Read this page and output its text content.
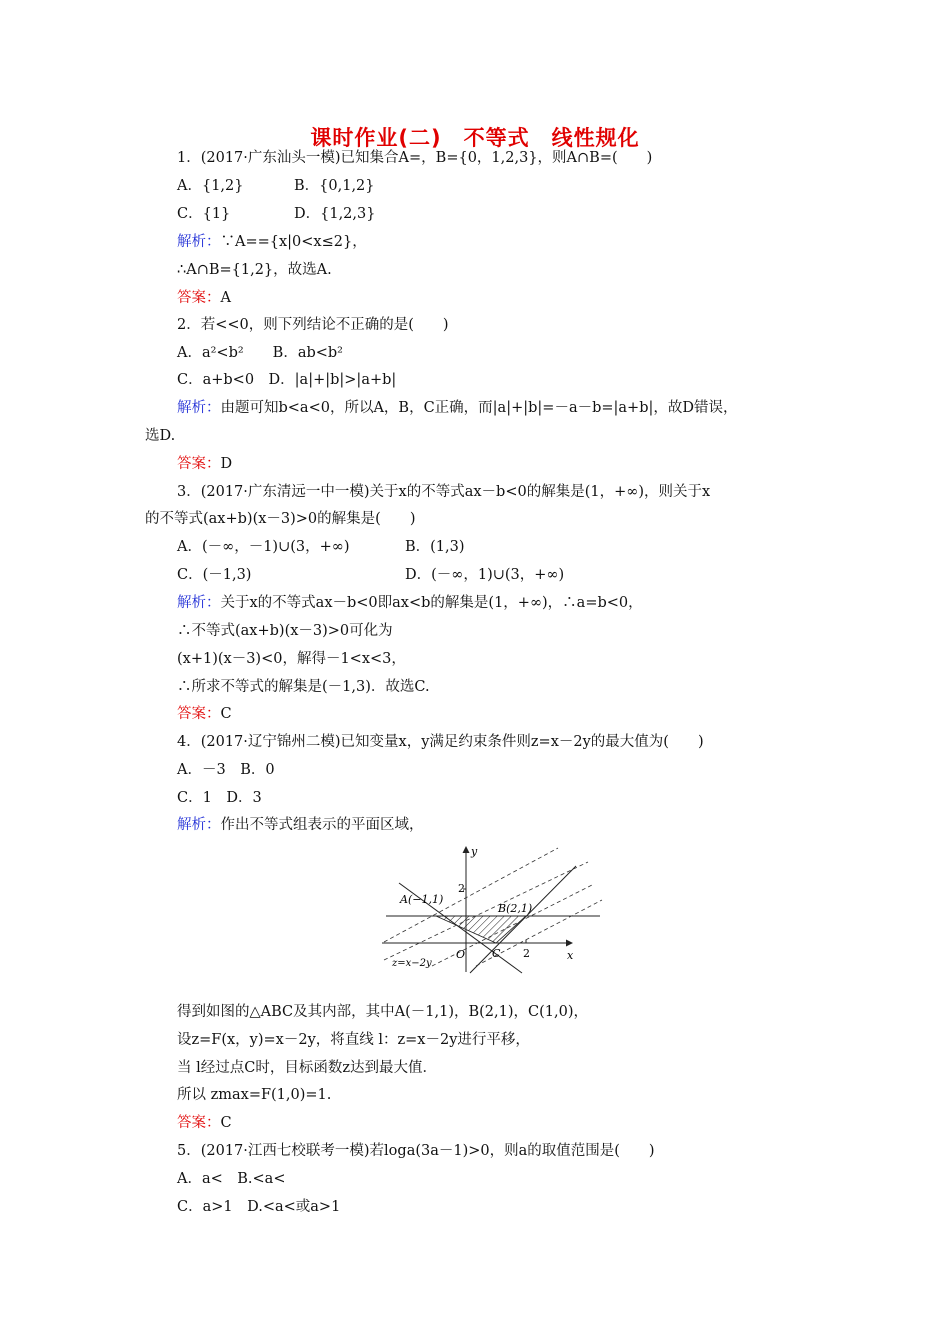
课时作业(二)　不等式　线性规化
1．(2017·广东汕头一模)已知集合A=，B={0，1,2,3}，则A∩B=(　　)
A．{1,2}	B．{0,1,2}
C．{1}	D．{1,2,3}
解析：∵A=={x|0<x≤2}，
∴A∩B={1,2}，故选A.
答案：A
2．若<<0，则下列结论不正确的是(　　)
A．a²<b²　　B．ab<b²
C．a+b<0　D．|a|+|b|>|a+b|
解析：由题可知b<a<0，所以A，B，C正确，而|a|+|b|=－a－b=|a+b|，故D错误，
选D.
答案：D
3．(2017·广东清远一中一模)关于x的不等式ax－b<0的解集是(1，+∞)，则关于x
的不等式(ax+b)(x－3)>0的解集是(　　)
A．(－∞，－1)∪(3，+∞)	B．(1,3)
C．(－1,3)	D．(－∞，1)∪(3，+∞)
解析：关于x的不等式ax－b<0即ax<b的解集是(1，+∞)，∴a=b<0，
∴不等式(ax+b)(x－3)>0可化为
(x+1)(x－3)<0，解得－1<x<3，
∴所求不等式的解集是(－1,3)．故选C.
答案：C
4．(2017·辽宁锦州二模)已知变量x，y满足约束条件则z=x－2y的最大值为(　　)
A．－3　B．0
C．1　D．3
解析：作出不等式组表示的平面区域，
y
x
O
2
2
A(−1,1)
B(2,1)
C
z=x−2y
得到如图的△ABC及其内部，其中A(－1,1)，B(2,1)，C(1,0)，
设z=F(x，y)=x－2y，将直线 l：z=x－2y进行平移，
当 l经过点C时，目标函数z达到最大值．
所以 zmax=F(1,0)=1.
答案：C
5．(2017·江西七校联考一模)若loga(3a－1)>0，则a的取值范围是(　　)
A．a<　B.<a<
C．a>1　D.<a<或a>1
